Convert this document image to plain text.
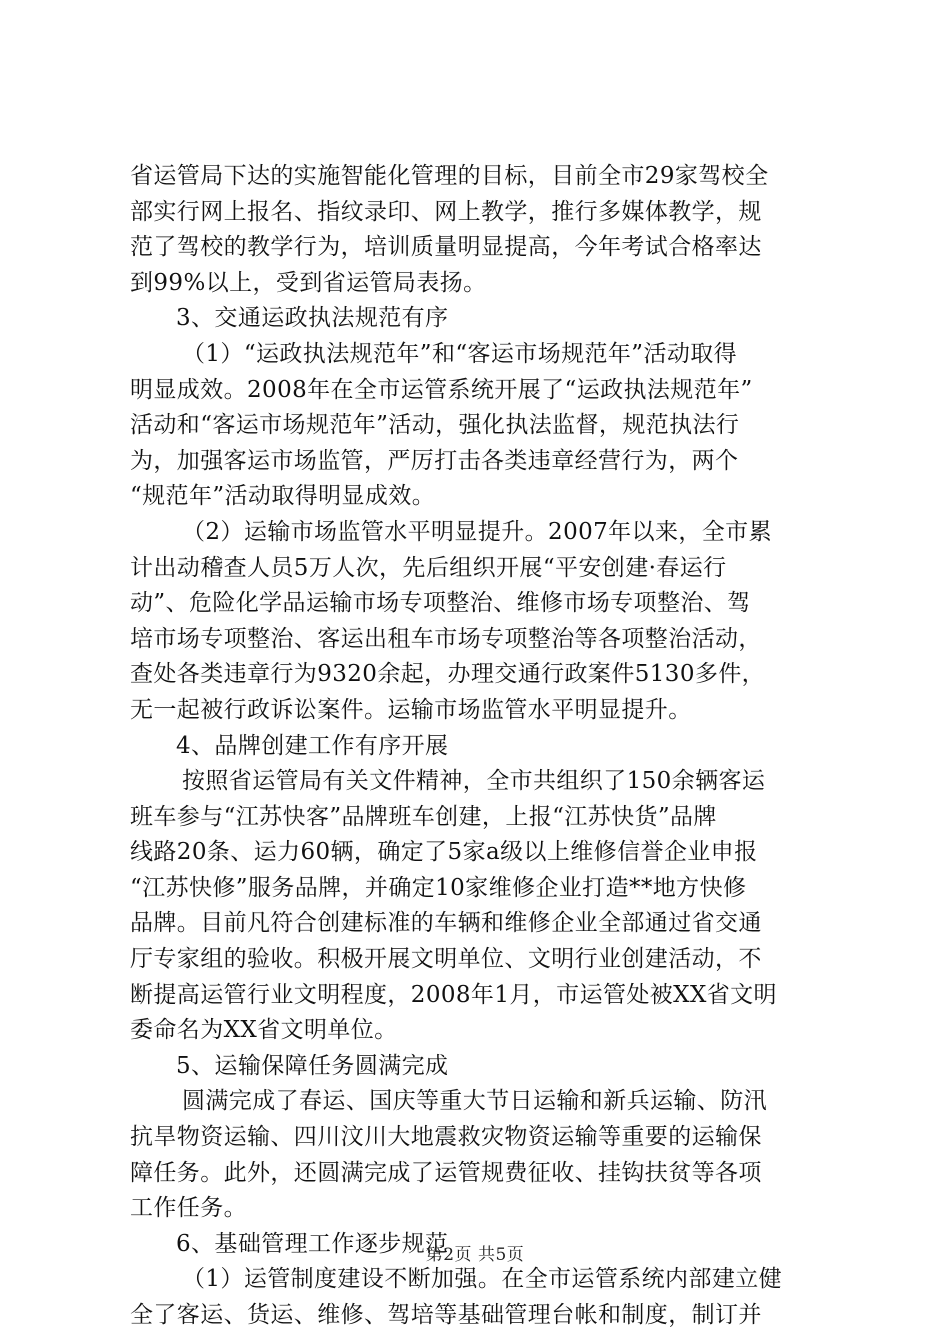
省运管局下达的实施智能化管理的目标，目前全市29家驾校全
部实行网上报名、指纹录印、网上教学，推行多媒体教学，规
范了驾校的教学行为，培训质量明显提高，今年考试合格率达
到99%以上，受到省运管局表扬。
3、交通运政执法规范有序
（1）“运政执法规范年”和“客运市场规范年”活动取得
明显成效。2008年在全市运管系统开展了“运政执法规范年”
活动和“客运市场规范年”活动，强化执法监督，规范执法行
为，加强客运市场监管，严厉打击各类违章经营行为，两个
“规范年”活动取得明显成效。
（2）运输市场监管水平明显提升。2007年以来，全市累
计出动稽查人员5万人次，先后组织开展“平安创建·春运行
动”、危险化学品运输市场专项整治、维修市场专项整治、驾
培市场专项整治、客运出租车市场专项整治等各项整治活动，
查处各类违章行为9320余起，办理交通行政案件5130多件，
无一起被行政诉讼案件。运输市场监管水平明显提升。
4、品牌创建工作有序开展
按照省运管局有关文件精神，全市共组织了150余辆客运
班车参与“江苏快客”品牌班车创建，上报“江苏快货”品牌
线路20条、运力60辆，确定了5家a级以上维修信誉企业申报
“江苏快修”服务品牌，并确定10家维修企业打造**地方快修
品牌。目前凡符合创建标准的车辆和维修企业全部通过省交通
厅专家组的验收。积极开展文明单位、文明行业创建活动，不
断提高运管行业文明程度，2008年1月，市运管处被XX省文明
委命名为XX省文明单位。
5、运输保障任务圆满完成
圆满完成了春运、国庆等重大节日运输和新兵运输、防汛
抗旱物资运输、四川汶川大地震救灾物资运输等重要的运输保
障任务。此外，还圆满完成了运管规费征收、挂钩扶贫等各项
工作任务。
6、基础管理工作逐步规范
（1）运管制度建设不断加强。在全市运管系统内部建立健
全了客运、货运、维修、驾培等基础管理台帐和制度，制订并
第2页 共5页
